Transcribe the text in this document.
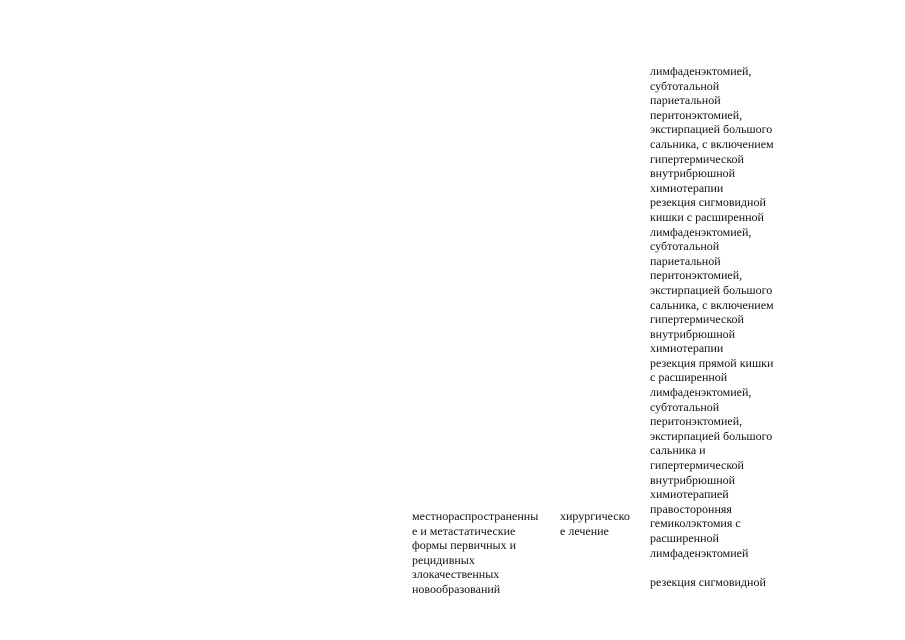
местнораспространенны
е и метастатические
формы первичных и
рецидивных
злокачественных
новообразований
хирургическо
е лечение
лимфаденэктомией,
субтотальной
париетальной
перитонэктомией,
экстирпацией большого
сальника, с включением
гипертермической
внутрибрюшной
химиотерапии
резекция сигмовидной
кишки с расширенной
лимфаденэктомией,
субтотальной
париетальной
перитонэктомией,
экстирпацией большого
сальника, с включением
гипертермической
внутрибрюшной
химиотерапии
резекция прямой кишки
с расширенной
лимфаденэктомией,
субтотальной
перитонэктомией,
экстирпацией большого
сальника и
гипертермической
внутрибрюшной
химиотерапией
правосторонняя
гемиколэктомия с
расширенной
лимфаденэктомией
резекция сигмовидной
